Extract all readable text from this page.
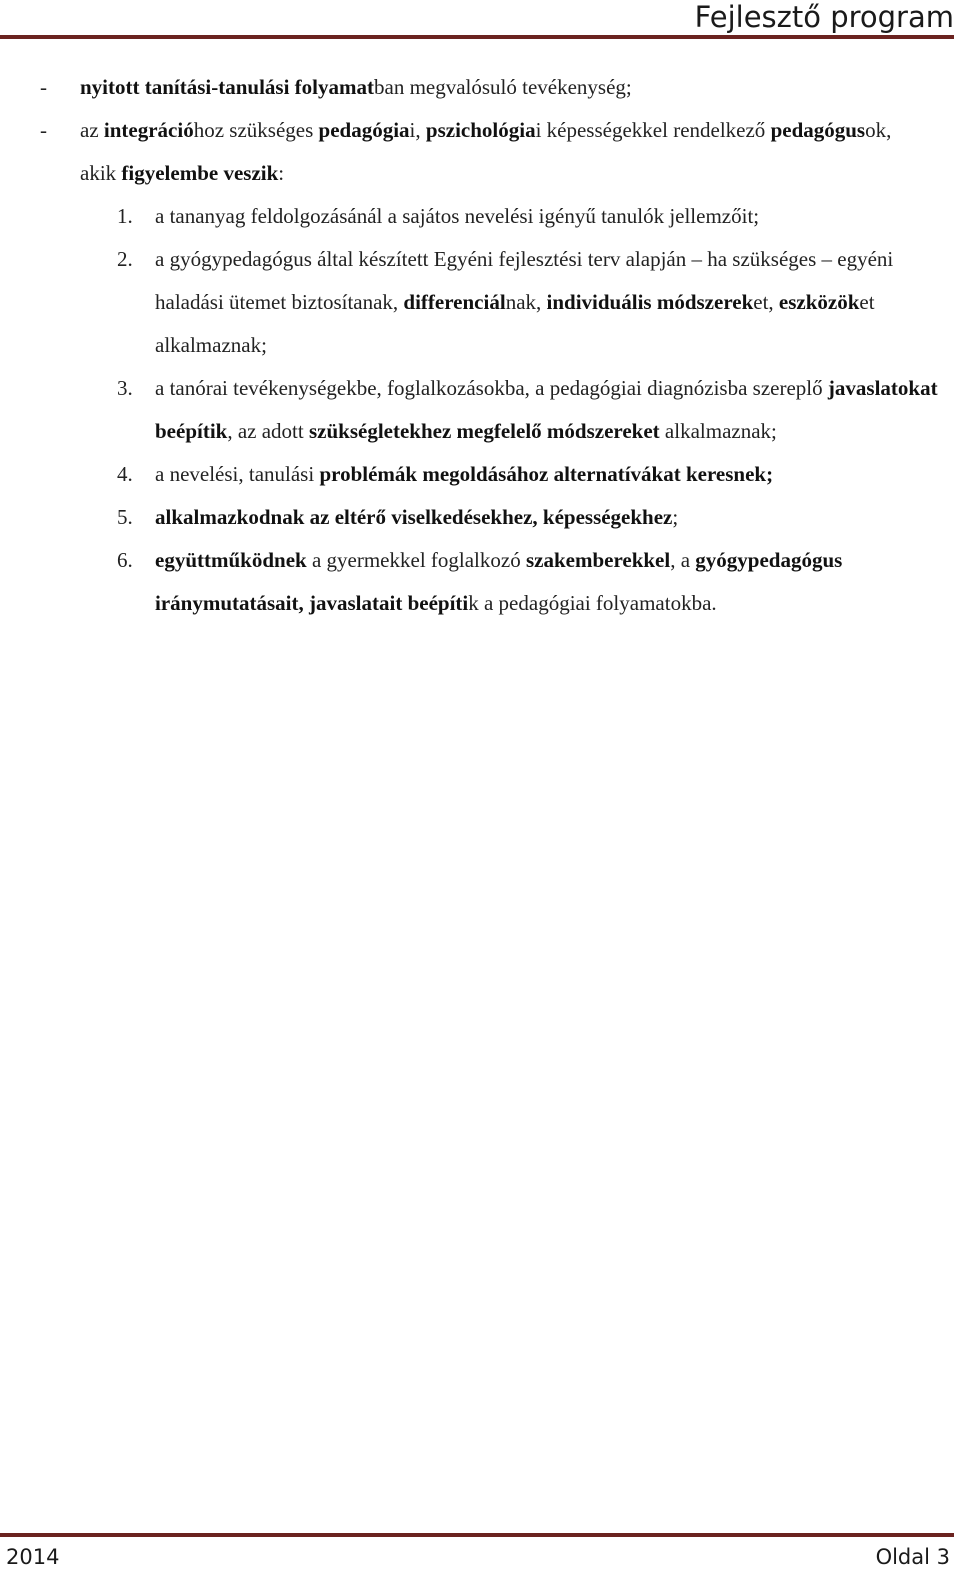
Fejlesztő program
- nyitott tanítási-tanulási folyamatban megvalósuló tevékenység;
- az integrációhoz szükséges pedagógiai, pszichológiai képességekkel rendelkező pedagógusok, akik figyelembe veszik:
1. a tananyag feldolgozásánál a sajátos nevelési igényű tanulók jellemzőit;
2. a gyógypedagógus által készített Egyéni fejlesztési terv alapján – ha szükséges – egyéni haladási ütemet biztosítanak, differenciálnak, individuális módszereket, eszközöket alkalmaznak;
3. a tanórai tevékenységekbe, foglalkozásokba, a pedagógiai diagnózisba szereplő javaslatokat beépítik, az adott szükségletekhez megfelelő módszereket alkalmaznak;
4. a nevelési, tanulási problémák megoldásához alternatívákat keresnek;
5. alkalmazkodnak az eltérő viselkedésekhez, képességekhez;
6. együttműködnek a gyermekkel foglalkozó szakemberekkel, a gyógypedagógus iránymutatásait, javaslatait beépítik a pedagógiai folyamatokba.
2014	Oldal 3
